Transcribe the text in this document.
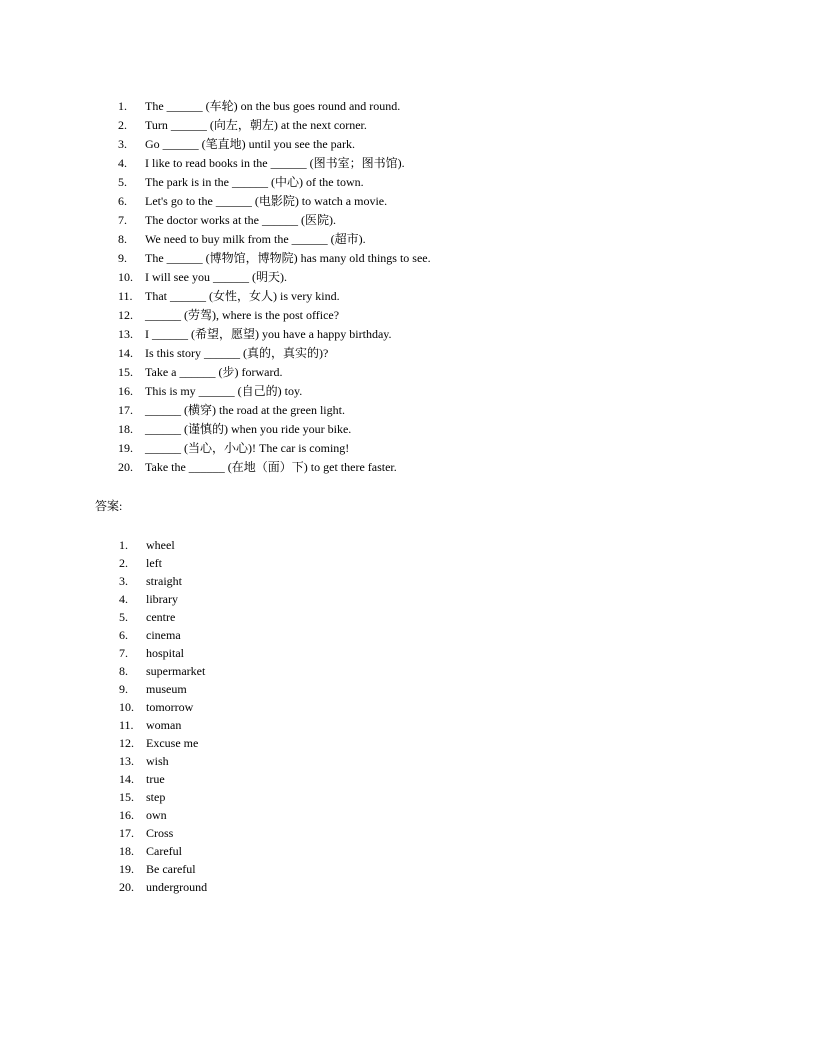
1.	The ______ (车轮) on the bus goes round and round.
2.	Turn ______ (向左，朝左) at the next corner.
3.	Go ______ (笔直地) until you see the park.
4.	I like to read books in the ______ (图书室；图书馆).
5.	The park is in the ______ (中心) of the town.
6.	Let's go to the ______ (电影院) to watch a movie.
7.	The doctor works at the ______ (医院).
8.	We need to buy milk from the ______ (超市).
9.	The ______ (博物馆，博物院) has many old things to see.
10.	I will see you ______ (明天).
11.	That ______ (女性，女人) is very kind.
12.	______ (劳驾), where is the post office?
13.	I ______ (希望，愿望) you have a happy birthday.
14.	Is this story ______ (真的，真实的)?
15.	Take a ______ (步) forward.
16.	This is my ______ (自己的) toy.
17.	______ (横穿) the road at the green light.
18.	______ (谨慎的) when you ride your bike.
19.	______ (当心，小心)! The car is coming!
20.	Take the ______ (在地（面）下) to get there faster.
答案:
1.	wheel
2.	left
3.	straight
4.	library
5.	centre
6.	cinema
7.	hospital
8.	supermarket
9.	museum
10.	tomorrow
11.	woman
12.	Excuse me
13.	wish
14.	true
15.	step
16.	own
17.	Cross
18.	Careful
19.	Be careful
20.	underground
